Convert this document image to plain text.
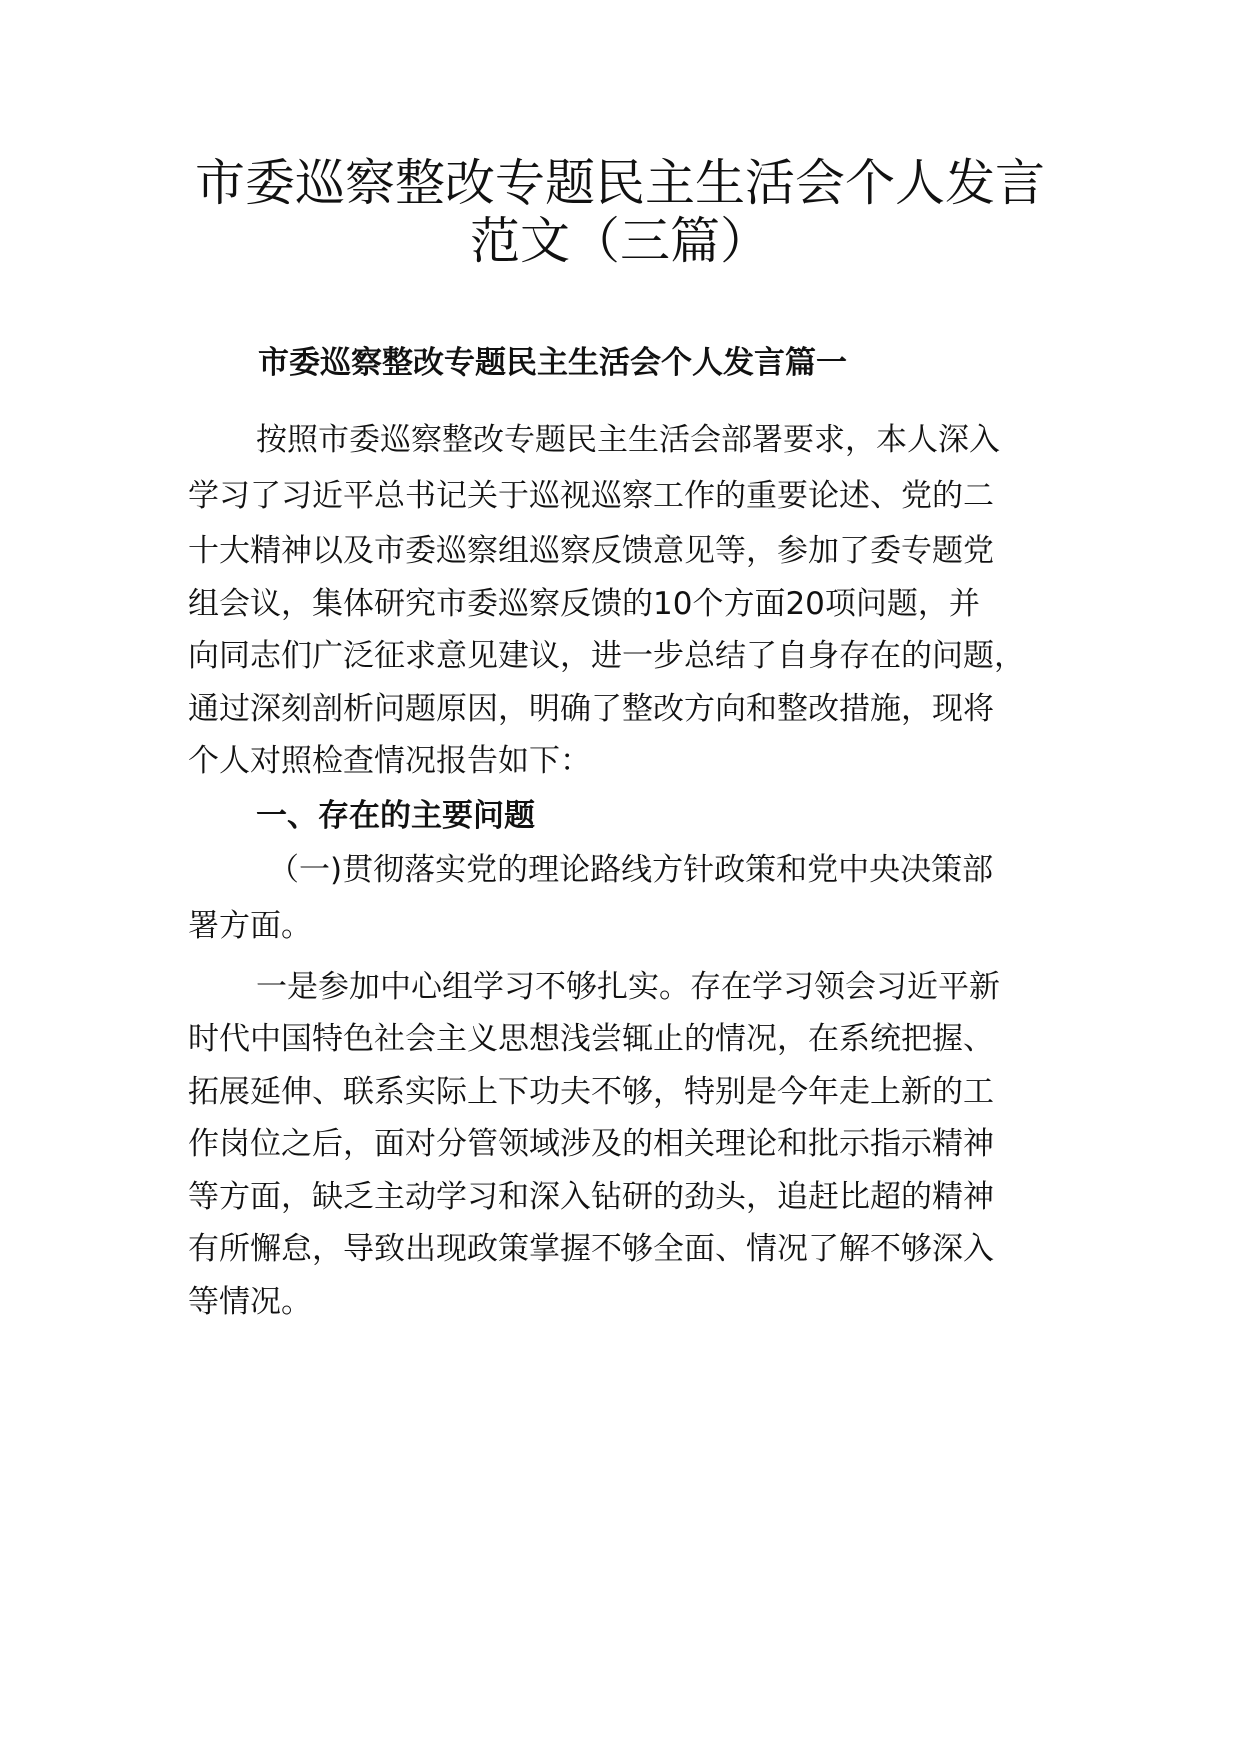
市委巡察整改专题民主生活会个人发言
范文（三篇）
市委巡察整改专题民主生活会个人发言篇一

按照市委巡察整改专题民主生活会部署要求，本人深入

学习了习近平总书记关于巡视巡察工作的重要论述、党的二

十大精神以及市委巡察组巡察反馈意见等，参加了委专题党

组会议，集体研究市委巡察反馈的10个方面20项问题，并

向同志们广泛征求意见建议，进一步总结了自身存在的问题，

通过深刻剖析问题原因，明确了整改方向和整改措施，现将

个人对照检查情况报告如下：

一、存在的主要问题

（一)贯彻落实党的理论路线方针政策和党中央决策部

署方面。

一是参加中心组学习不够扎实。存在学习领会习近平新

时代中国特色社会主义思想浅尝辄止的情况，在系统把握、

拓展延伸、联系实际上下功夫不够，特别是今年走上新的工

作岗位之后，面对分管领域涉及的相关理论和批示指示精神

等方面，缺乏主动学习和深入钻研的劲头，追赶比超的精神

有所懈怠，导致出现政策掌握不够全面、情况了解不够深入

等情况。
